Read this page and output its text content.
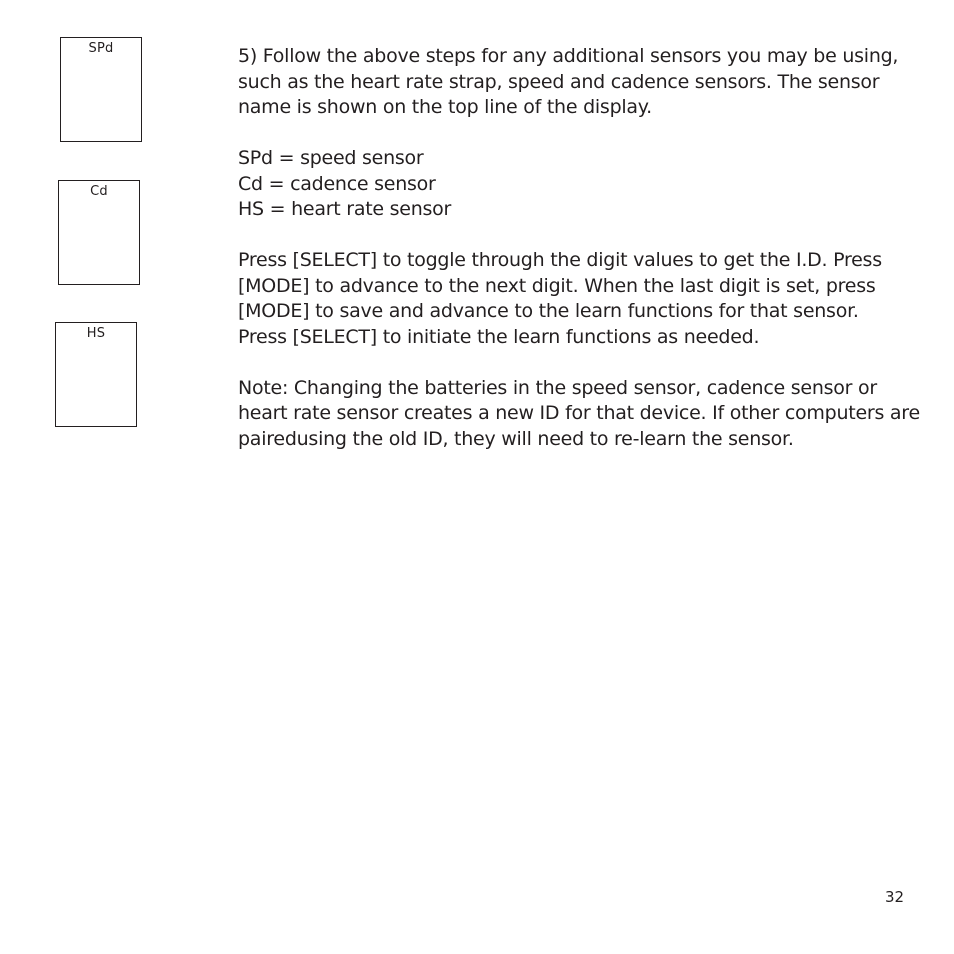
SPd
Cd
HS

5) Follow the above steps for any additional sensors you may be using,
such as the heart rate strap, speed and cadence sensors. The sensor
name is shown on the top line of the display.

SPd = speed sensor
Cd = cadence sensor
HS = heart rate sensor

Press [SELECT] to toggle through the digit values to get the I.D. Press
[MODE] to advance to the next digit. When the last digit is set, press
[MODE] to save and advance to the learn functions for that sensor.
Press [SELECT] to initiate the learn functions as needed.

Note: Changing the batteries in the speed sensor, cadence sensor or
heart rate sensor creates a new ID for that device. If other computers are
pairedusing the old ID, they will need to re-learn the sensor.

32
